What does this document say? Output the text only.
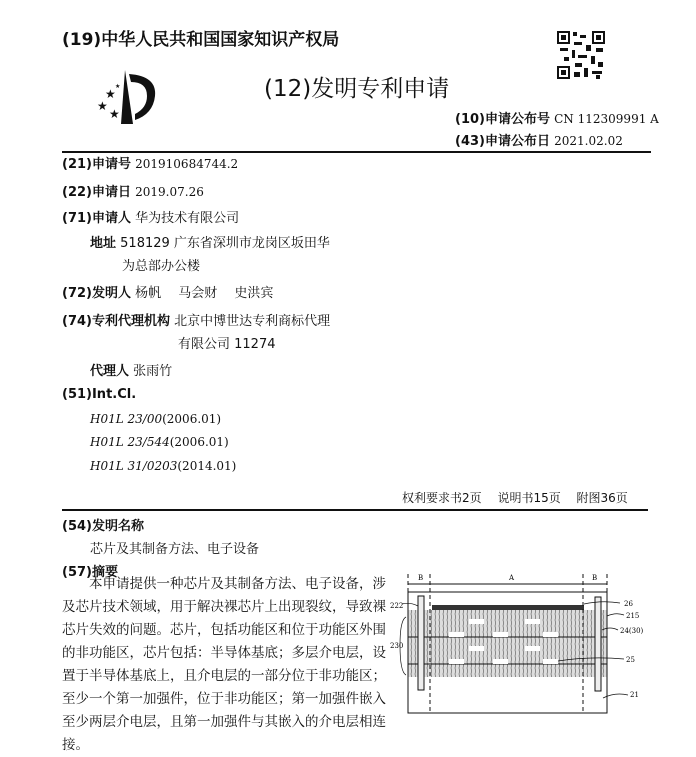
(19)中华人民共和国国家知识产权局
★
★
★
★	(12)发明专利申请
(10)申请公布号 CN 112309991 A
(43)申请公布日 2021.02.02
(21)申请号 201910684744.2
(22)申请日 2019.07.26
(71)申请人 华为技术有限公司
地址 518129 广东省深圳市龙岗区坂田华
为总部办公楼
(72)发明人 杨帆　 马会财　 史洪宾
(74)专利代理机构 北京中博世达专利商标代理
有限公司 11274
代理人 张雨竹
(51)Int.Cl.
H01L 23/00(2006.01)
H01L 23/544(2006.01)
H01L 31/0203(2014.01)
权利要求书2页　 说明书15页　 附图36页
(54)发明名称
芯片及其制备方法、电子设备
(57)摘要
本申请提供一种芯片及其制备方法、电子设备，涉及芯片技术领域，用于解决裸芯片上出现裂纹，导致裸芯片失效的问题。芯片，包括功能区和位于功能区外围的非功能区，芯片包括：半导体基底；多层介电层，设置于半导体基底上，且介电层的一部分位于非功能区；至少一个第一加强件，位于非功能区；第一加强件嵌入至少两层介电层，且第一加强件与其嵌入的介电层相连接。
B	A	B
222
230
26
215
24(30)
25
21
